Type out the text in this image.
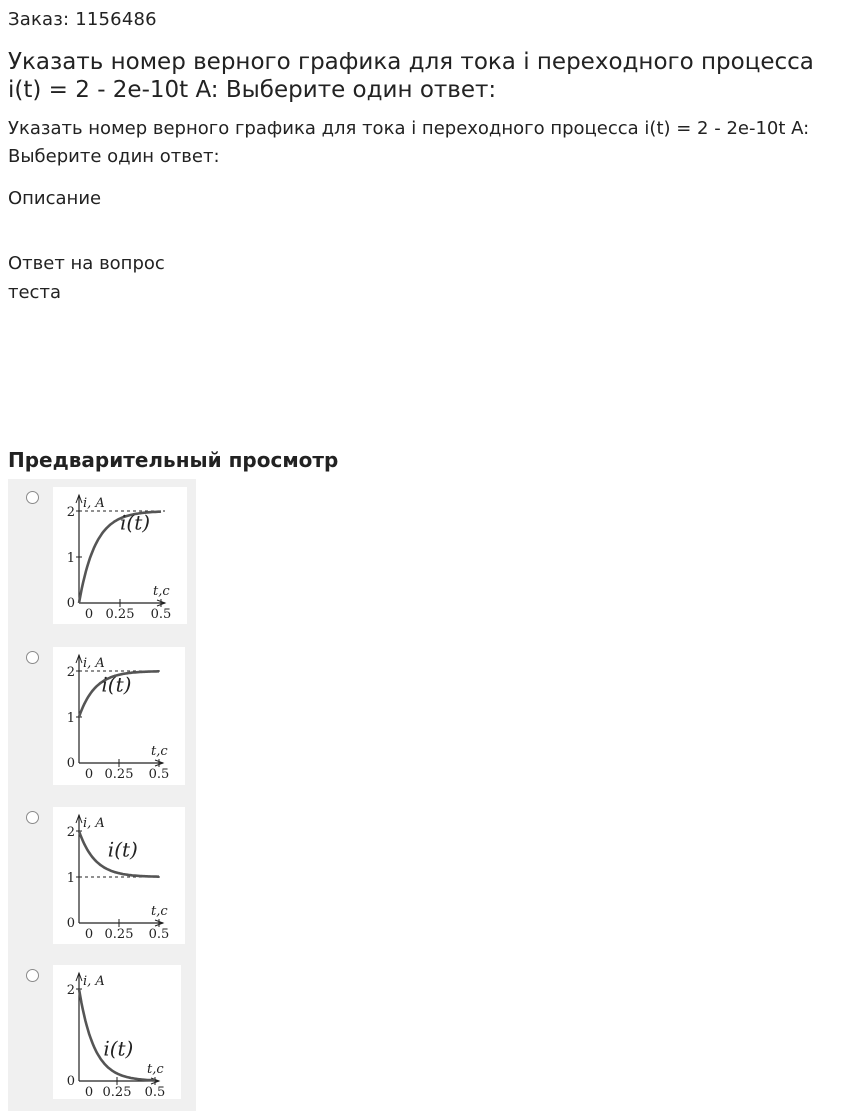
Заказ: 1156486
Указать номер верного графика для тока i переходного процесса i(t) = 2 - 2e-10t A: Выберите один ответ:
Указать номер верного графика для тока i переходного процесса i(t) = 2 - 2e-10t A: Выберите один ответ:
Описание
Ответ на вопрос теста
Предварительный просмотр
i, A
t,c
0 0.25 0.5
0
1
2 i(t)
i, A
t,c
0 0.25 0.5
0
1
2
i(t)
i, A
t,c
0 0.25 0.5
0
1
2
i(t)
i, A
t,c
0 0.25 0.5
0
2
i(t)
